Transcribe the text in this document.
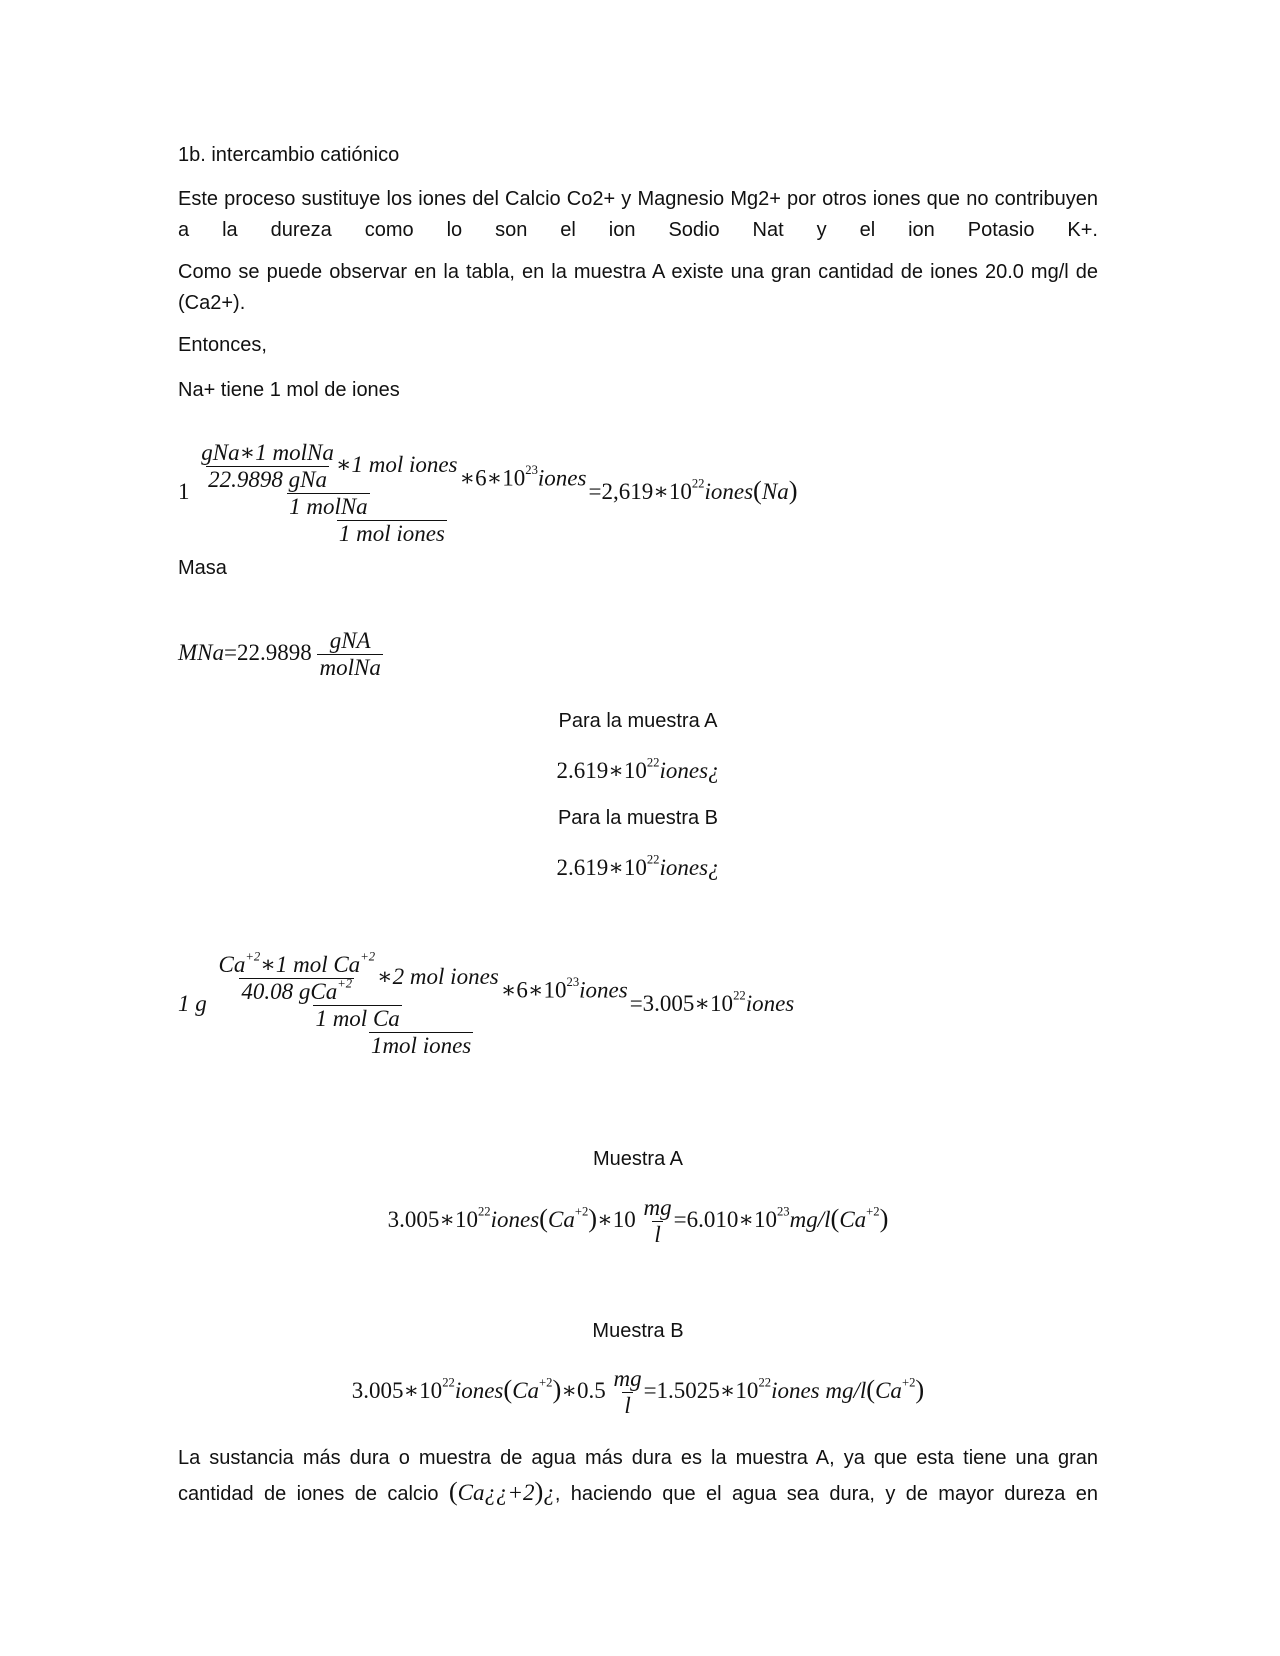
1b. intercambio catiónico

Este proceso sustituye los iones del Calcio Co2+ y Magnesio Mg2+ por otros iones que no contribuyen a la dureza como lo son el ion Sodio Nat y el ion Potasio K+.

Como se puede observar en la tabla, en la muestra A existe una gran cantidad de iones 20.0 mg/l de (Ca2+).

Entonces,

Na+ tiene 1 mol de iones

$1 \frac{\text{gNa∗1 molNa}}{\text{22.9898 gNa}}$ ∗1 mol iones
1 molNa
$∗6∗10^{23}iones$
1 mol iones
$=2,619∗10^{22}iones(Na)$

Masa

$MNa=22.9898 \frac{\text{gNA}}{\text{molNa}}$
Para la muestra A
$2.619∗10^{22}iones¿$
Para la muestra B
$2.619∗10^{22}iones¿$
1 g $\frac{Ca^{+2}∗1 mol Ca^{+2}}{40.08 gCa^{+2}}$ ∗2 mol iones
1 mol Ca
$∗6∗10^{23}iones$
1mol iones
$=3.005∗10^{22}iones$
Muestra A
$3.005∗10^{22}iones(Ca^{+2})∗10 \frac{mg}{l}$ $=6.010∗10^{23}mg/l(Ca^{+2})$
Muestra B
$3.005∗10^{22}iones(Ca^{+2})∗0.5 \frac{mg}{l}$ $=1.5025∗10^{22}iones$ $mg/l(Ca^{+2})$

La sustancia más dura o muestra de agua más dura es la muestra A, ya que esta tiene una gran

cantidad de iones de calcio (Ca¿¿+2)¿, haciendo que el agua sea dura, y de mayor dureza en
